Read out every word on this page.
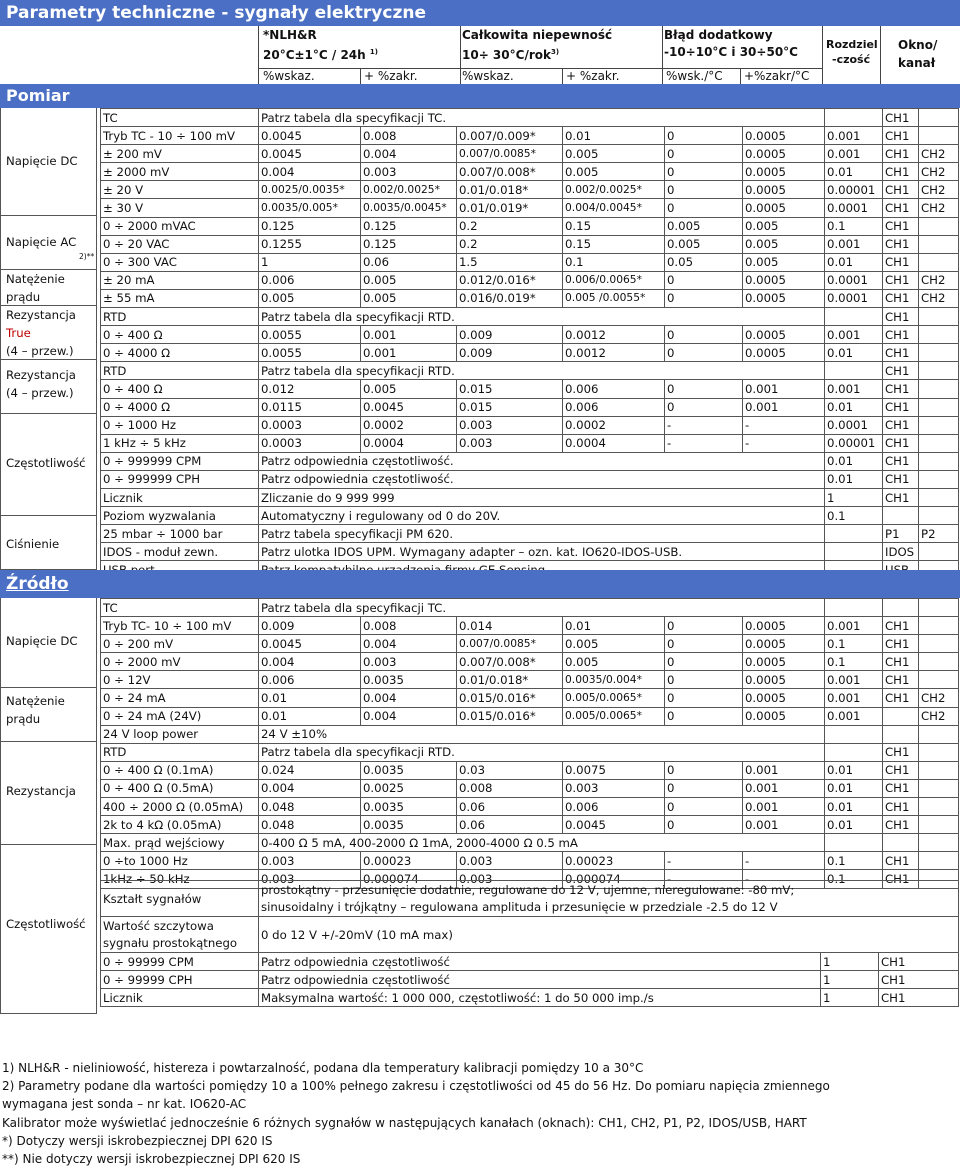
Parametry techniczne - sygnały elektryczne
*NLH&R
20°C±1°C / 24h $^{1)}$
Całkowita niepewność
10÷ 30°C/rok$^{3)}$
Błąd dodatkowy
-10÷10°C i 30÷50°C
%wskaz.	+ %zakr.	%wskaz.	+ %zakr.	%wsk./°C +%zakr/°C
Rozdziel
-czość
Okno/
kanał
Pomiar
Napięcie DC
Napięcie AC
2)**
Natężenie
prądu
Rezystancja
True
(4 – przew.)
Rezystancja
(4 – przew.)
Częstotliwość
Ciśnienie
TC	Patrz tabela dla specyfikacji TC.							CH1	
Tryb TC - 10 ÷ 100 mV	0.0045	0.008	0.007/0.009*	0.01	0	0.0005	0.001	CH1	
± 200 mV	0.0045	0.004	0.007/0.0085*	0.005	0	0.0005	0.001	CH1	CH2
± 2000 mV	0.004	0.003	0.007/0.008*	0.005	0	0.0005	0.01	CH1	CH2
± 20 V	0.0025/0.0035*	0.002/0.0025*	0.01/0.018*	0.002/0.0025*	0	0.0005	0.00001	CH1	CH2
± 30 V	0.0035/0.005*	0.0035/0.0045*	0.01/0.019*	0.004/0.0045*	0	0.0005	0.0001	CH1	CH2
0 ÷ 2000 mVAC	0.125	0.125	0.2	0.15	0.005	0.005	0.1	CH1	
0 ÷ 20 VAC	0.1255	0.125	0.2	0.15	0.005	0.005	0.001	CH1	
0 ÷ 300 VAC	1	0.06	1.5	0.1	0.05	0.005	0.01	CH1	
± 20 mA	0.006	0.005	0.012/0.016*	0.006/0.0065*	0	0.0005	0.0001	CH1	CH2
± 55 mA	0.005	0.005	0.016/0.019*	0.005 /0.0055*	0	0.0005	0.0001	CH1	CH2
RTD	Patrz tabela dla specyfikacji RTD.							CH1	
0 ÷ 400 Ω	0.0055	0.001	0.009	0.0012	0	0.0005	0.001	CH1	
0 ÷ 4000 Ω	0.0055	0.001	0.009	0.0012	0	0.0005	0.01	CH1	
RTD	Patrz tabela dla specyfikacji RTD.							CH1	
0 ÷ 400 Ω	0.012	0.005	0.015	0.006	0	0.001	0.001	CH1	
0 ÷ 4000 Ω	0.0115	0.0045	0.015	0.006	0	0.001	0.01	CH1	
0 ÷ 1000 Hz	0.0003	0.0002	0.003	0.0002	-	-	0.0001	CH1	
1 kHz ÷ 5 kHz	0.0003	0.0004	0.003	0.0004	-	-	0.00001	CH1	
0 ÷ 999999 CPM	Patrz odpowiednia częstotliwość.						0.01	CH1	
0 ÷ 999999 CPH	Patrz odpowiednia częstotliwość.						0.01	CH1	
Licznik	Zliczanie do 9 999 999						1	CH1	
Poziom wyzwalania	Automatyczny i regulowany od 0 do 20V.						0.1		
25 mbar ÷ 1000 bar	Patrz tabela specyfikacji PM 620.							P1	P2
IDOS - moduł zewn.	Patrz ulotka IDOS UPM. Wymagany adapter – ozn. kat. IO620-IDOS-USB.							IDOS	

Źródło
Napięcie DC
Natężenie
prądu
Rezystancja
Częstotliwość
TC	Patrz tabela dla specyfikacji TC.								
Tryb TC- 10 ÷ 100 mV	0.009	0.008	0.014	0.01	0	0.0005	0.001	CH1	
0 ÷ 200 mV	0.0045	0.004	0.007/0.0085*	0.005	0	0.0005	0.1	CH1	
0 ÷ 2000 mV	0.004	0.003	0.007/0.008*	0.005	0	0.0005	0.1	CH1	
0 ÷ 12V	0.006	0.0035	0.01/0.018*	0.0035/0.004*	0	0.0005	0.001	CH1	
0 ÷ 24 mA	0.01	0.004	0.015/0.016*	0.005/0.0065*	0	0.0005	0.001	CH1	CH2
0 ÷ 24 mA (24V)	0.01	0.004	0.015/0.016*	0.005/0.0065*	0	0.0005	0.001		CH2
24 V loop power	24 V ±10%								
RTD	Patrz tabela dla specyfikacji RTD.							CH1	
0 ÷ 400 Ω (0.1mA)	0.024	0.0035	0.03	0.0075	0	0.001	0.01	CH1	
0 ÷ 400 Ω (0.5mA)	0.004	0.0025	0.008	0.003	0	0.001	0.01	CH1	
400 ÷ 2000 Ω (0.05mA)	0.048	0.0035	0.06	0.006	0	0.001	0.01	CH1	
2k to 4 kΩ (0.05mA)	0.048	0.0035	0.06	0.0045	0	0.001	0.01	CH1	
Max. prąd wejściowy	0-400 Ω 5 mA, 400-2000 Ω 1mA, 2000-4000 Ω 0.5 mA								
0 ÷to 1000 Hz	0.003	0.00023	0.003	0.00023	-	-	0.1	CH1	
1kHz ÷ 50 kHz	0.003	0.000074	0.003	0.000074	-	-	0.1	CH1	
Kształt sygnałów	prostokątny - przesunięcie dodatnie, regulowane do 12 V, ujemne, nieregulowane: -80 mV;
sinusoidalny i trójkątny – regulowana amplituda i przesunięcie w przedziale -2.5 do 12 V

Wartość szczytowa
sygnału prostokątnego	0 do 12 V +/-20mV (10 mA max)
0 ÷ 99999 CPM	Patrz odpowiednia częstotliwość	1	CH1
0 ÷ 99999 CPH	Patrz odpowiednia częstotliwość	1	CH1
Licznik	Maksymalna wartość: 1 000 000, częstotliwość: 1 do 50 000 imp./s	1	CH1
1) NLH&R - nieliniowość, histereza i powtarzalność, podana dla temperatury kalibracji pomiędzy 10 a 30°C
2) Parametry podane dla wartości pomiędzy 10 a 100% pełnego zakresu i częstotliwości od 45 do 56 Hz. Do pomiaru napięcia zmiennego
wymagana jest sonda – nr kat. IO620-AC
Kalibrator może wyświetlać jednocześnie 6 różnych sygnałów w następujących kanałach (oknach): CH1, CH2, P1, P2, IDOS/USB, HART
*) Dotyczy wersji iskrobezpiecznej DPI 620 IS
**) Nie dotyczy wersji iskrobezpiecznej DPI 620 IS
